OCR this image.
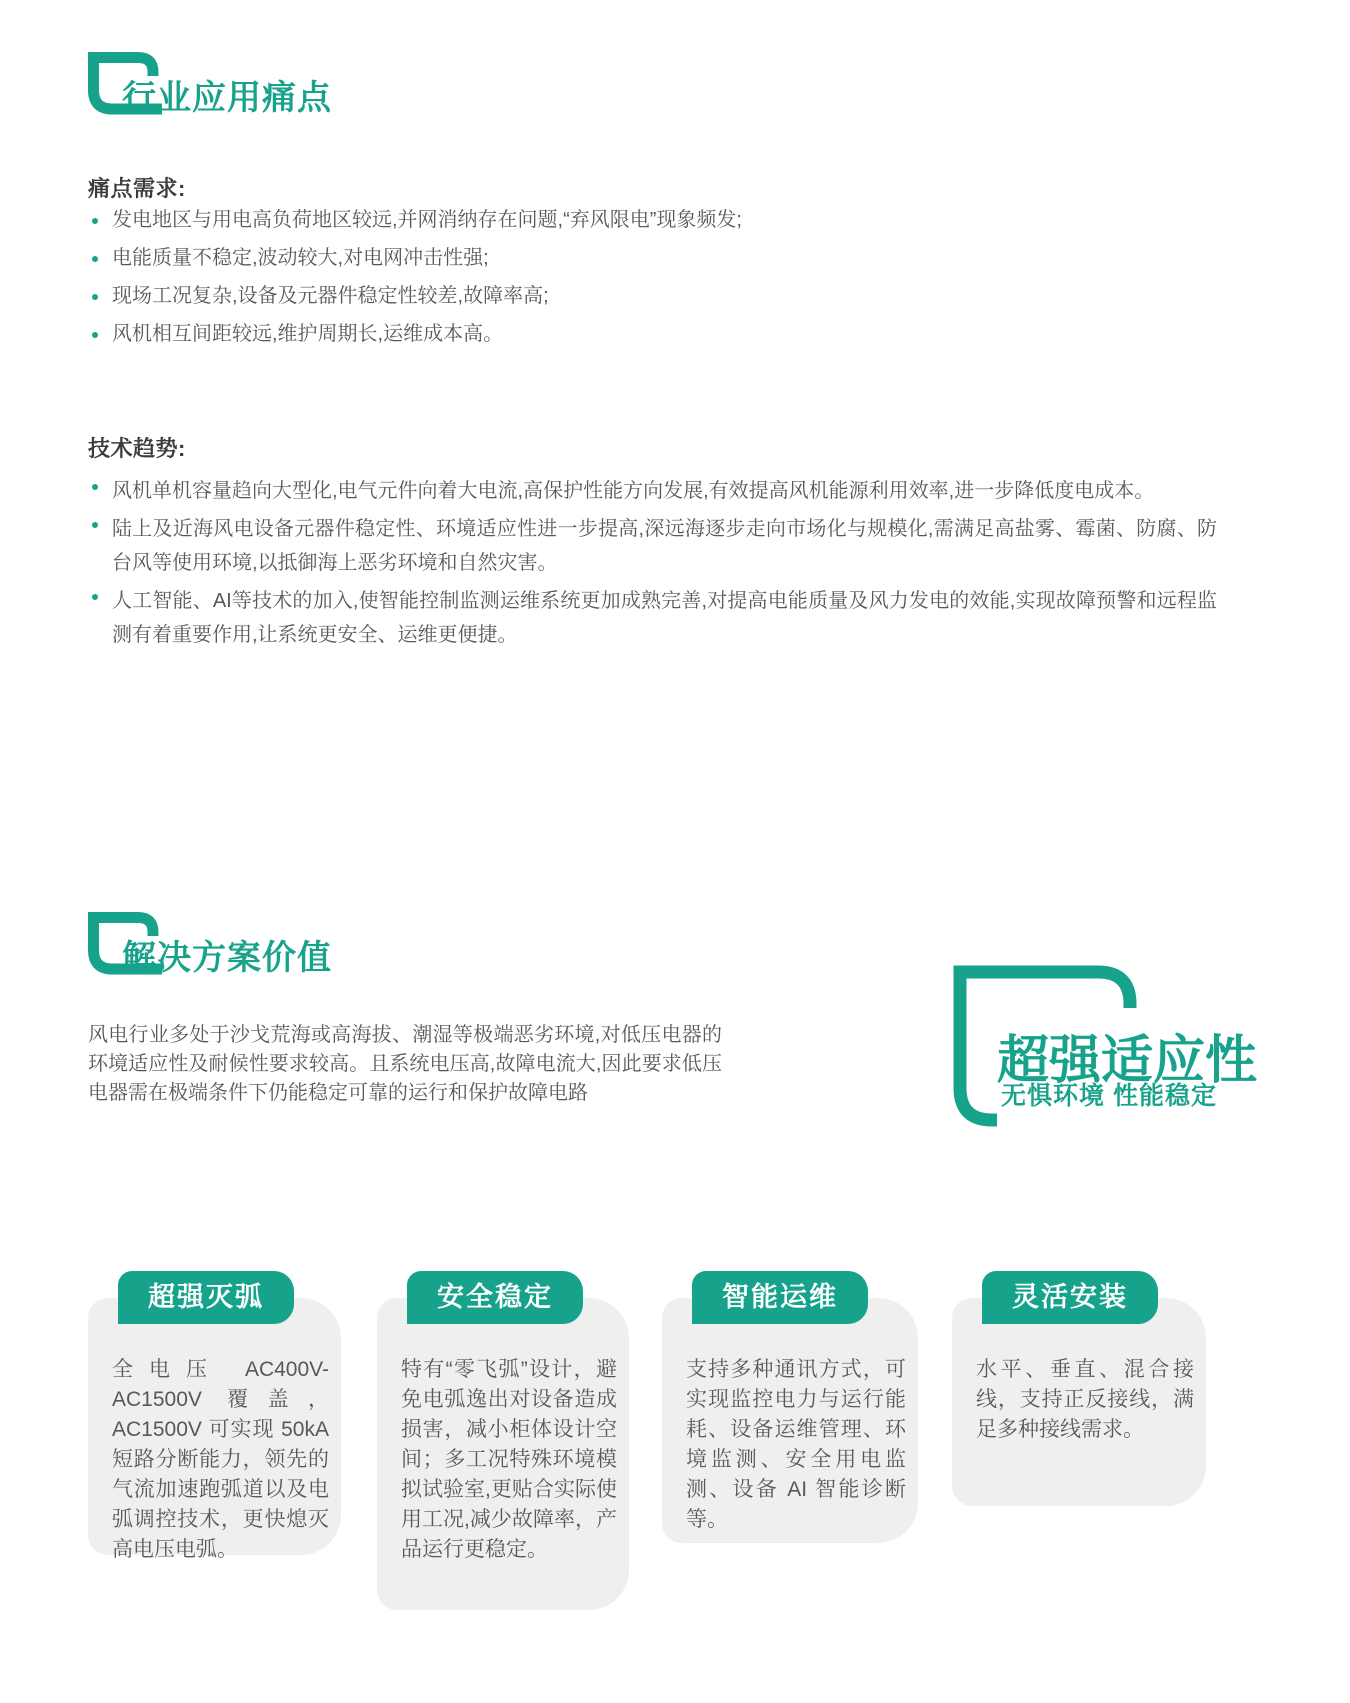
行业应用痛点
痛点需求:
发电地区与用电高负荷地区较远,并网消纳存在问题,“弃风限电”现象频发;
电能质量不稳定,波动较大,对电网冲击性强;
现场工况复杂,设备及元器件稳定性较差,故障率高;
风机相互间距较远,维护周期长,运维成本高。
技术趋势:
风机单机容量趋向大型化,电气元件向着大电流,高保护性能方向发展,有效提高风机能源利用效率,进一步降低度电成本。
陆上及近海风电设备元器件稳定性、环境适应性进一步提高,深远海逐步走向市场化与规模化,需满足高盐雾、霉菌、防腐、防台风等使用环境,以抵御海上恶劣环境和自然灾害。
人工智能、AI等技术的加入,使智能控制监测运维系统更加成熟完善,对提高电能质量及风力发电的效能,实现故障预警和远程监测有着重要作用,让系统更安全、运维更便捷。
解决方案价值
风电行业多处于沙戈荒海或高海拔、潮湿等极端恶劣环境,对低压电器的环境适应性及耐候性要求较高。且系统电压高,故障电流大,因此要求低压电器需在极端条件下仍能稳定可靠的运行和保护故障电路
超强适应性
无惧环境 性能稳定
超强灭弧
全电压 AC400V-AC1500V 覆盖，AC1500V 可实现 50kA 短路分断能力，领先的气流加速跑弧道以及电弧调控技术，更快熄灭高电压电弧。
安全稳定
特有“零飞弧”设计，避免电弧逸出对设备造成损害，减小柜体设计空间；多工况特殊环境模拟试验室,更贴合实际使用工况,减少故障率，产品运行更稳定。
智能运维
支持多种通讯方式，可实现监控电力与运行能耗、设备运维管理、环境监测、安全用电监测、设备 AI 智能诊断等。
灵活安装
水平、垂直、混合接线，支持正反接线，满足多种接线需求。
